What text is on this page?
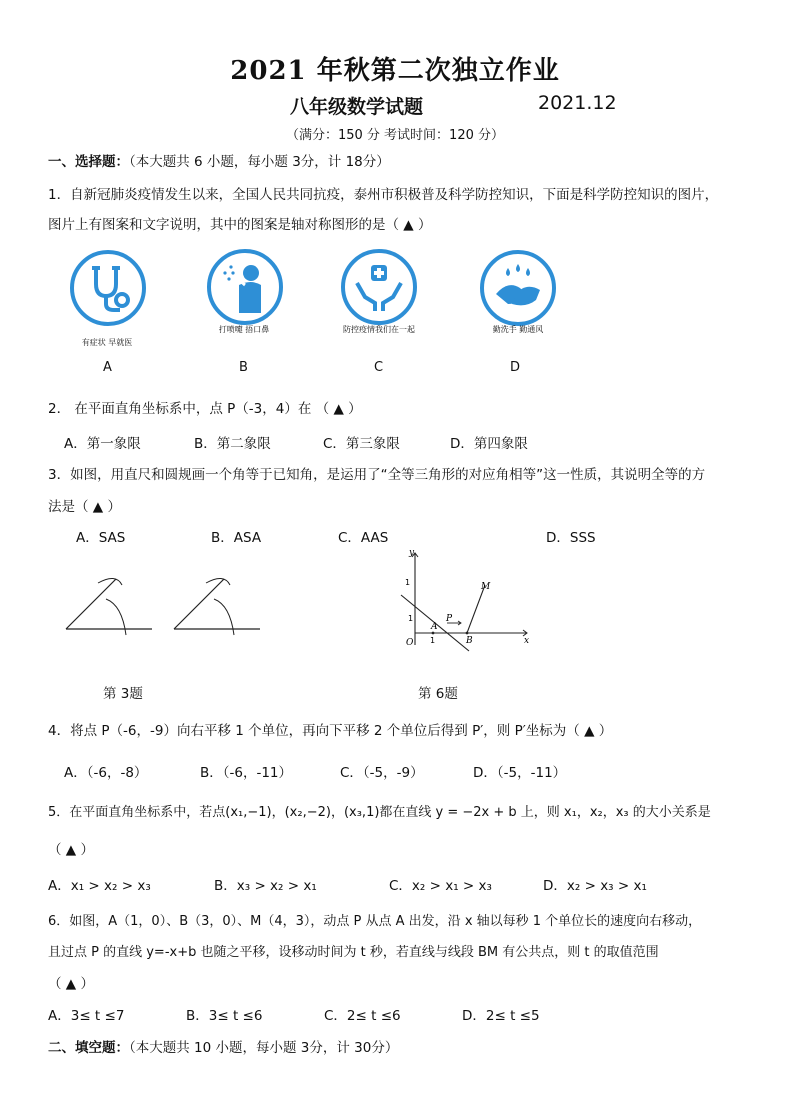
2021 年秋第二次独立作业
八年级数学试题	2021.12
（满分：150 分 考试时间：120 分）
一、选择题：（本大题共 6 小题，每小题 3分，计 18分）
1．自新冠肺炎疫情发生以来，全国人民共同抗疫，泰州市积极普及科学防控知识，下面是科学防控知识的图片，
图片上有图案和文字说明，其中的图案是轴对称图形的是（ ▲ ）
有症状 早就医
打喷嚏 捂口鼻	防控疫情我们在一起	勤洗手 勤通风
A	B	C	D
2． 在平面直角坐标系中，点 P（-3，4）在 （ ▲ ）
A．第一象限	B．第二象限	C．第三象限	D．第四象限
3．如图，用直尺和圆规画一个角等于已知角，是运用了“全等三角形的对应角相等”这一性质，其说明全等的方
法是（ ▲ ）
A．SAS	B．ASA	C．AAS	D．SSS
第 3题
y
x
O
1
1
1
A
P
B
M
第 6题
4．将点 P（-6，-9）向右平移 1 个单位，再向下平移 2 个单位后得到 P′，则 P′坐标为（ ▲ ）
A．（-6，-8）	B．（-6，-11）	C．（-5，-9）	D．（-5，-11）
5．在平面直角坐标系中，若点(x₁,−1)，(x₂,−2)，(x₃,1)都在直线 y = −2x + b 上，则 x₁，x₂，x₃ 的大小关系是
（ ▲ ）
A．x₁ > x₂ > x₃	B．x₃ > x₂ > x₁	C．x₂ > x₁ > x₃	D．x₂ > x₃ > x₁
6．如图，A（1，0）、B（3，0）、M（4，3），动点 P 从点 A 出发，沿 x 轴以每秒 1 个单位长的速度向右移动，
且过点 P 的直线 y=-x+b 也随之平移，设移动时间为 t 秒，若直线与线段 BM 有公共点，则 t 的取值范围
（ ▲ ）
A．3≤ t ≤7	B．3≤ t ≤6	C．2≤ t ≤6	D．2≤ t ≤5
二、填空题：（本大题共 10 小题，每小题 3分，计 30分）
